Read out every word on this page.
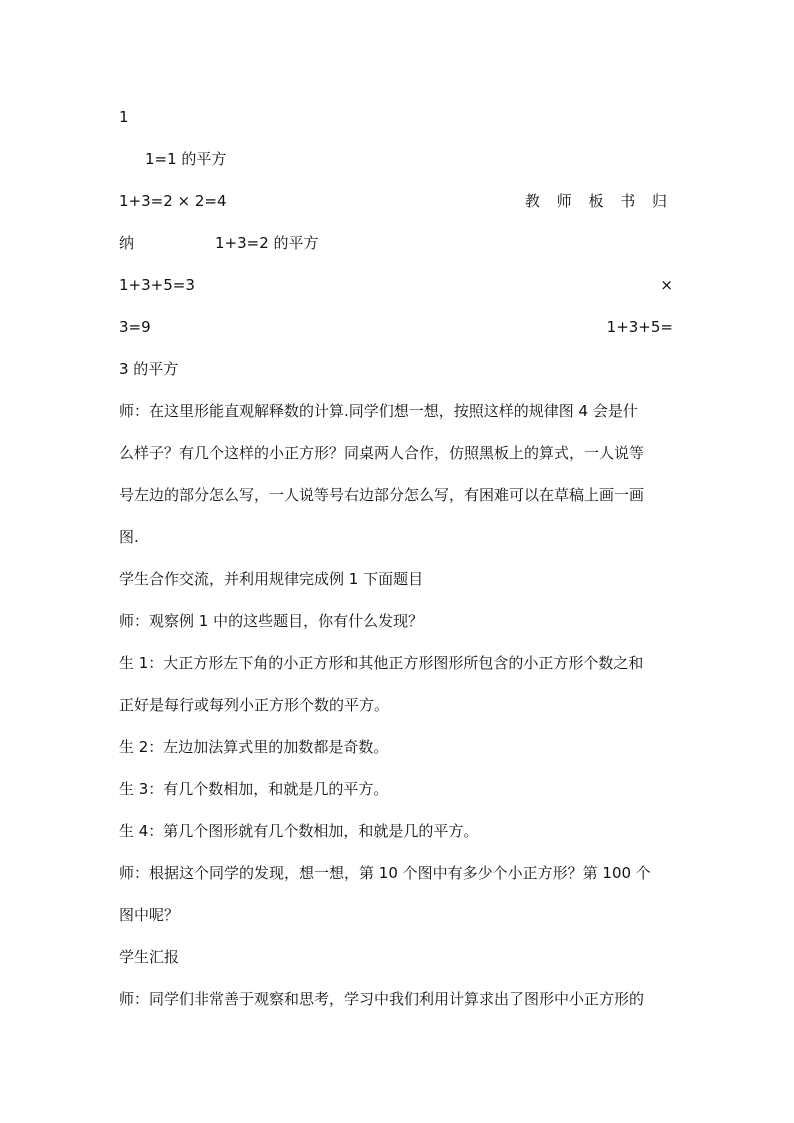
1
1=1 的平方
1+3=2 × 2=4	教 师 板 书 归
纳	1+3=2 的平方
1+3+5=3	×
3=9	1+3+5=
3 的平方
师：在这里形能直观解释数的计算.同学们想一想，按照这样的规律图 4 会是什
么样子？有几个这样的小正方形？同桌两人合作，仿照黑板上的算式，一人说等
号左边的部分怎么写，一人说等号右边部分怎么写，有困难可以在草稿上画一画
图.
学生合作交流，并利用规律完成例 1 下面题目
师：观察例 1 中的这些题目，你有什么发现？
生 1：大正方形左下角的小正方形和其他正方形图形所包含的小正方形个数之和
正好是每行或每列小正方形个数的平方。
生 2：左边加法算式里的加数都是奇数。
生 3：有几个数相加，和就是几的平方。
生 4：第几个图形就有几个数相加，和就是几的平方。
师：根据这个同学的发现，想一想，第 10 个图中有多少个小正方形？第 100 个
图中呢？
学生汇报
师：同学们非常善于观察和思考，学习中我们利用计算求出了图形中小正方形的
